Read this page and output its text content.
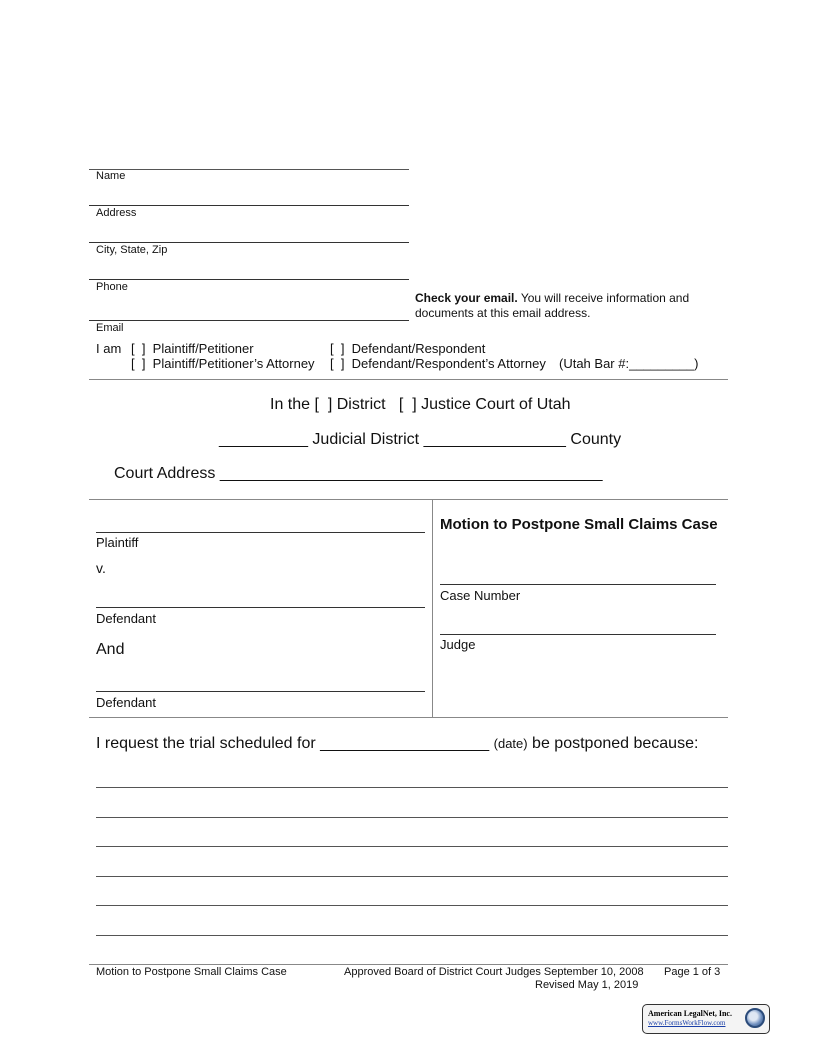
Name
Address
City, State, Zip
Phone
Email
Check your email. You will receive information and documents at this email address.
I am [  ]  Plaintiff/Petitioner	[  ]  Defendant/Respondent
[  ]  Plaintiff/Petitioner’s Attorney [  ]  Defendant/Respondent’s Attorney (Utah Bar #:_________)
In the [  ] District   [  ] Justice Court of Utah
__________ Judicial District ________________ County
Court Address ___________________________________________
Plaintiff
v.
Defendant
And
Defendant
Motion to Postpone Small Claims Case
Case Number
Judge
I request the trial scheduled for ___________________ (date) be postponed because:
Motion to Postpone Small Claims Case	Approved Board of District Court Judges September 10, 2008
Revised May 1, 2019
Page 1 of 3
American LegalNet, Inc.
www.FormsWorkFlow.com
